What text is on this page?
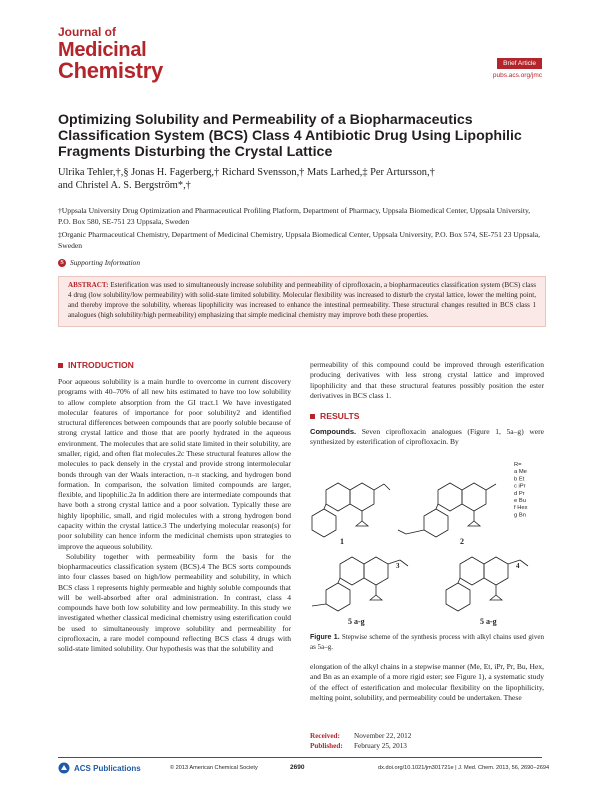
Journal of
Medicinal
Chemistry	Brief Article
pubs.acs.org/jmc
Optimizing Solubility and Permeability of a Biopharmaceutics Classification System (BCS) Class 4 Antibiotic Drug Using Lipophilic Fragments Disturbing the Crystal Lattice
Ulrika Tehler,†,§ Jonas H. Fagerberg,† Richard Svensson,† Mats Larhed,‡ Per Artursson,†
and Christel A. S. Bergström*,†

†Uppsala University Drug Optimization and Pharmaceutical Profiling Platform, Department of Pharmacy, Uppsala Biomedical Center, Uppsala University, P.O. Box 580, SE-751 23 Uppsala, Sweden

‡Organic Pharmaceutical Chemistry, Department of Medicinal Chemistry, Uppsala Biomedical Center, Uppsala University, P.O. Box 574, SE-751 23 Uppsala, Sweden

S Supporting Information
ABSTRACT: Esterification was used to simultaneously increase solubility and permeability of ciprofloxacin, a biopharmaceutics classification system (BCS) class 4 drug (low solubility/low permeability) with solid-state limited solubility. Molecular flexibility was increased to disturb the crystal lattice, lower the melting point, and thereby improve the solubility, whereas lipophilicity was increased to enhance the intestinal permeability. These structural changes resulted in BCS class 1 analogues (high solubility/high permeability) emphasizing that simple medicinal chemistry may improve both these properties.
INTRODUCTION

Poor aqueous solubility is a main hurdle to overcome in current discovery programs with 40–70% of all new hits estimated to have too low solubility to allow complete absorption from the GI tract.1 We have investigated molecular features of importance for poor solubility2 and identified structural differences between compounds that are poorly soluble because of strong crystal lattice and those that are poorly hydrated in the aqueous environment. The molecules that are solid state limited in their solubility, are smaller, rigid, and often flat molecules.2c These structural features allow the molecules to pack densely in the crystal and provide strong intermolecular bonds through van der Waals interaction, π–π stacking, and hydrogen bond formation. In comparison, the solvation limited compounds are larger, flexible, and lipophilic.2a In addition there are intermediate compounds that have both a strong crystal lattice and a poor solvation. Typically these are highly lipophilic, small, and rigid molecules with a strong hydrogen bond capacity within the crystal lattice.3 The underlying molecular reason(s) for poor solubility can hence inform the medicinal chemists upon strategies to improve the aqueous solubility.

Solubility together with permeability form the basis for the biopharmaceutics classification system (BCS).4 The BCS sorts compounds into four classes based on high/low permeability and solubility, in which BCS class 1 represents highly permeable and highly soluble compounds that will be well-absorbed after oral administration. In contrast, class 4 compounds have both low solubility and low permeability. In this study we investigated whether classical medicinal chemistry using esterification could be used to simultaneously improve solubility and permeability for ciprofloxacin, a rare model compound reflecting BCS class 4 drugs with solid-state limited solubility. Our hypothesis was that the solubility and

permeability of this compound could be improved through esterification producing derivatives with less strong crystal lattice and improved lipophilicity and that these structural features possibly position the ester derivatives in BCS class 1.

RESULTS

Compounds. Seven ciprofloxacin analogues (Figure 1, 5a–g) were synthesized by esterification of ciprofloxacin. By

1	2
5 a-g	5 a-g
3	4
R=
a Me
b Et
c iPr
d Pr
e Bu
f Hex
g Bn
Figure 1. Stepwise scheme of the synthesis process with alkyl chains used given as 5a–g.

elongation of the alkyl chains in a stepwise manner (Me, Et, iPr, Pr, Bu, Hex, and Bn as an example of a more rigid ester; see Figure 1), a systematic study of the effect of esterification and molecular flexibility on the lipophilicity, melting point, solubility, and permeability could be undertaken. These

Received: November 22, 2012
Published: February 25, 2013
ACS Publications	© 2013 American Chemical Society	2690	dx.doi.org/10.1021/jm301721e | J. Med. Chem. 2013, 56, 2690−2694
